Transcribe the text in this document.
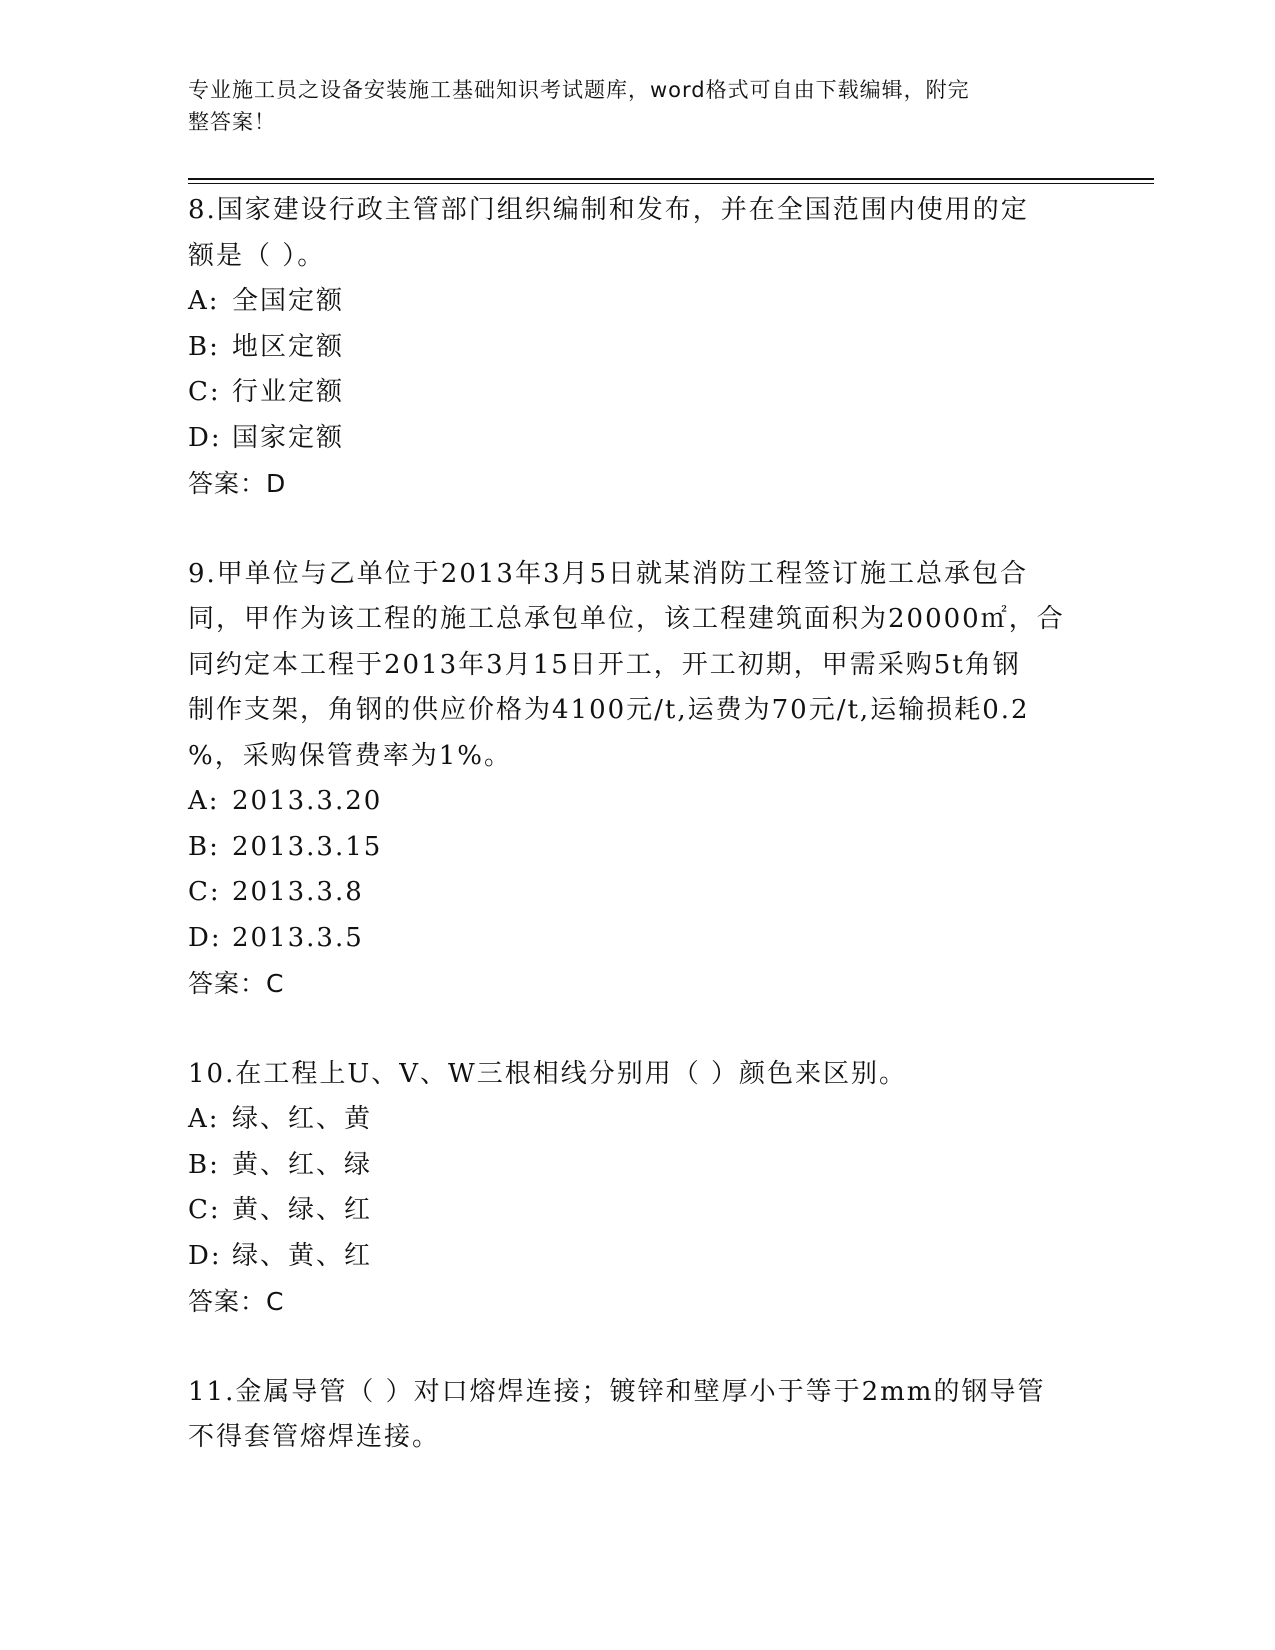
专业施工员之设备安装施工基础知识考试题库，word格式可自由下载编辑，附完
整答案！

8.国家建设行政主管部门组织编制和发布，并在全国范围内使用的定

额是（ ）。

A: 全国定额

B: 地区定额

C: 行业定额

D: 国家定额

答案：D

9.甲单位与乙单位于2013年3月5日就某消防工程签订施工总承包合

同，甲作为该工程的施工总承包单位，该工程建筑面积为20000㎡，合

同约定本工程于2013年3月15日开工，开工初期，甲需采购5t角钢

制作支架，角钢的供应价格为4100元/t,运费为70元/t,运输损耗0.2

%，采购保管费率为1%。

A: 2013.3.20

B: 2013.3.15

C: 2013.3.8

D: 2013.3.5

答案：C

10.在工程上U、V、W三根相线分别用（ ）颜色来区别。

A: 绿、红、黄

B: 黄、红、绿

C: 黄、绿、红

D: 绿、黄、红

答案：C

11.金属导管（ ）对口熔焊连接；镀锌和壁厚小于等于2mm的钢导管

不得套管熔焊连接。
